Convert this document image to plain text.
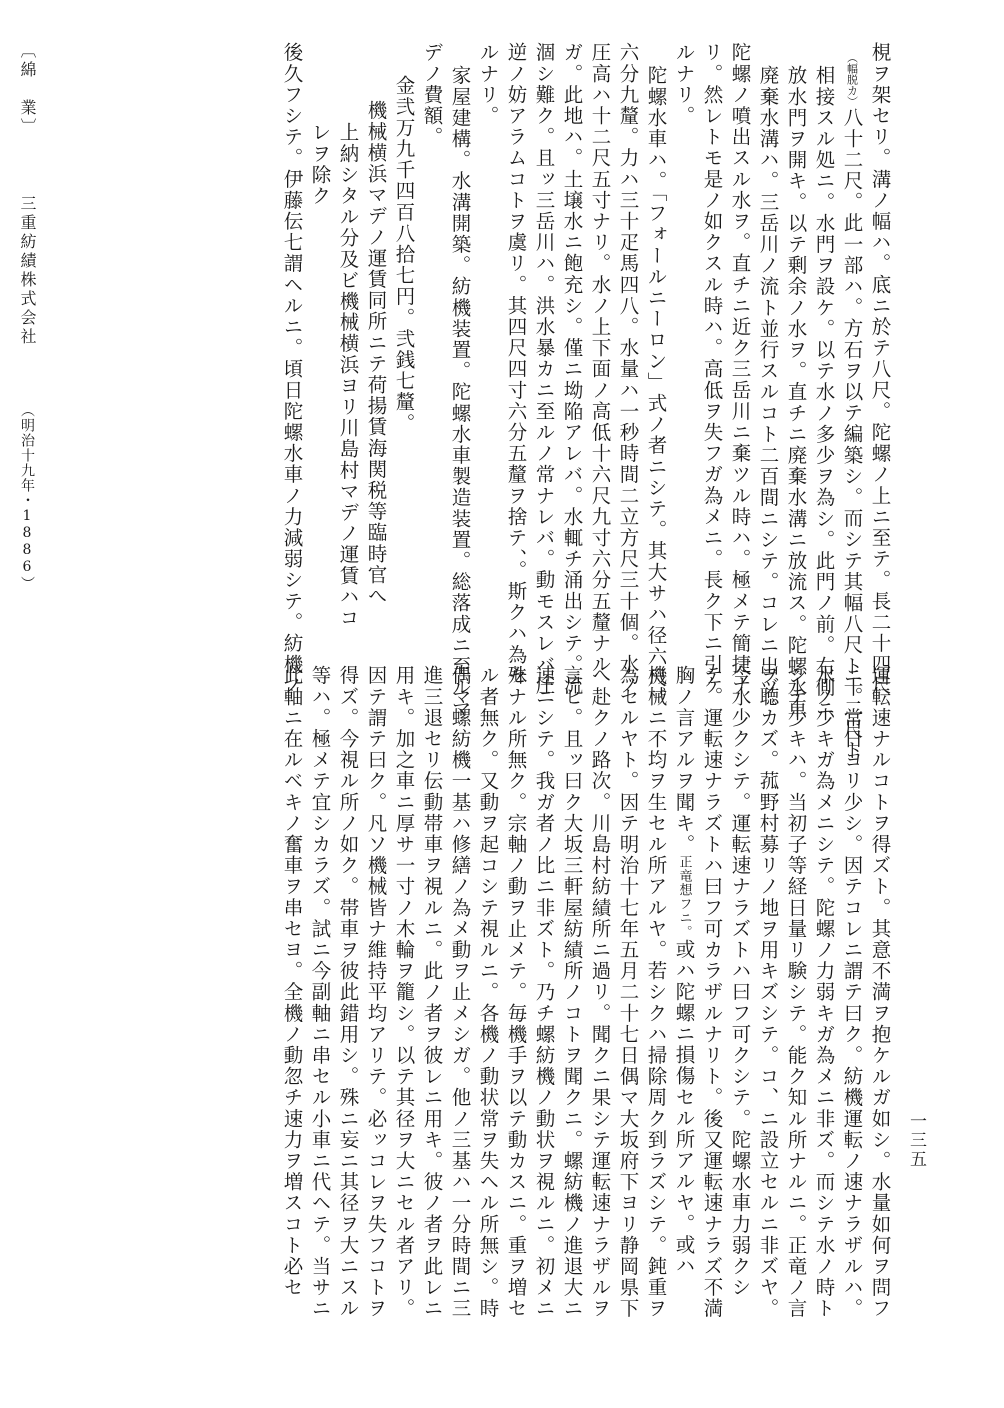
梘ヲ架セリ。溝ノ幅ハ。底ニ於テ八尺。陀螺ノ上ニ至テ。長二十四尺
（幅脱カ）八十二尺。此一部ハ。方石ヲ以テ編築シ。而シテ其幅八尺ト十二尺ト
相接スル処ニ。水門ヲ設ケ。以テ水ノ多少ヲ為シ。此門ノ前。右側ニ
放水門ヲ開キ。以テ剰余ノ水ヲ。直チニ廃棄水溝ニ放流ス。陀螺水車
廃棄水溝ハ。三岳川ノ流ト並行スルコト二百間ニシテ。コレニ出ヅ。
陀螺ノ噴出スル水ヲ。直チニ近ク三岳川ニ棄ツル時ハ。極メテ簡捷ナ
リ。然レトモ是ノ如クスル時ハ。高低ヲ失フガ為メニ。長ク下ニ引ケ
ルナリ。
陀螺水車ハ。「フォールニーロン」式ノ者ニシテ。其大サハ径六尺。
六分九釐。力ハ三十疋馬四八。水量ハ一秒時間二立方尺三十個。水ノ
圧高ハ十二尺五寸ナリ。水ノ上下面ノ高低十六尺九寸六分五釐ナル
ガ。此地ハ。土壌水ニ飽充シ。僅ニ坳陥アレバ。水輒チ涌出シテ。流
涸シ難ク。且ッ三岳川ハ。洪水暴カニ至ルノ常ナレバ。動モスレバ圧
逆ノ妨アラムコトヲ虞リ。其四尺四寸六分五釐ヲ捨テ、。斯クハ為セ
ルナリ。
家屋建構。水溝開築。紡機装置。陀螺水車製造装置。総落成ニ至ルマ
デノ費額。
金弐万九千四百八拾七円。弐銭七釐。
機械横浜マデノ運賃同所ニテ荷揚賃海関税等臨時官へ
上納シタル分及ビ機械横浜ヨリ川島村マデノ運賃ハコ
レヲ除ク
後久フシテ。伊藤伝七謂ヘルニ。頃日陀螺水車ノ力減弱シテ。紡機ノ
〔綿　業〕  三重紡績株式会社  （明治十九年・1886）
運転速ナルコトヲ得ズト。其意不満ヲ抱ケルガ如シ。水量如何ヲ問フ
ニ。常日ヨリ少シ。因テコレニ謂テ曰ク。紡機運転ノ速ナラザルハ。
水ノ少キガ為メニシテ。陀螺ノ力弱キガ為メニ非ズ。而シテ水ノ時ト
シテ少キハ。当初子等経日量リ験シテ。能ク知ル所ナルニ。正竜ノ言
ヲ聴カズ。菰野村募リノ地ヲ用キズシテ。コ、ニ設立セルニ非ズヤ。
今水少クシテ。運転速ナラズトハ曰フ可クシテ。陀螺水車力弱クシ
テ。運転速ナラズトハ曰フ可カラザルナリト。後又運転速ナラズ不満
胸ノ言アルヲ聞キ。正竜想フニ。或ハ陀螺ニ損傷セル所アルヤ。或ハ
機械ニ不均ヲ生セル所アルヤ。若シクハ掃除周ク到ラズシテ。鈍重ヲ
為セルヤト。因テ明治十七年五月二十七日偶マ大坂府下ヨリ静岡県下
へ赴クノ路次。川島村紡績所ニ過リ。聞クニ果シテ運転速ナラザルヲ
言ヒ。且ッ曰ク大坂三軒屋紡績所ノコトヲ聞クニ。螺紡機ノ進退大ニ
速ニシテ。我ガ者ノ比ニ非ズト。乃チ螺紡機ノ動状ヲ視ルニ。初メニ
殊ナル所無ク。宗軸ノ動ヲ止メテ。毎機手ヲ以テ動カスニ。重ヲ増セ
ル者無ク。又動ヲ起コシテ視ルニ。各機ノ動状常ヲ失ヘル所無シ。時
偶マ螺紡機一基ハ修繕ノ為メ動ヲ止メシガ。他ノ三基ハ一分時間ニ三
進三退セリ伝動帯車ヲ視ルニ。此ノ者ヲ彼レニ用キ。彼ノ者ヲ此レニ
用キ。加之車ニ厚サ一寸ノ木輪ヲ籠シ。以テ其径ヲ大ニセル者アリ。
因テ謂テ曰ク。凡ソ機械皆ナ維持平均アリテ。必ッコレヲ失フコトヲ
得ズ。今視ル所ノ如ク。帯車ヲ彼此錯用シ。殊ニ妄ニ其径ヲ大ニスル
等ハ。極メテ宜シカラズ。試ニ今副軸ニ串セル小車ニ代ヘテ。当サニ
此軸ニ在ルベキノ奮車ヲ串セヨ。全機ノ動忽チ速力ヲ増スコト必セ	一三五
